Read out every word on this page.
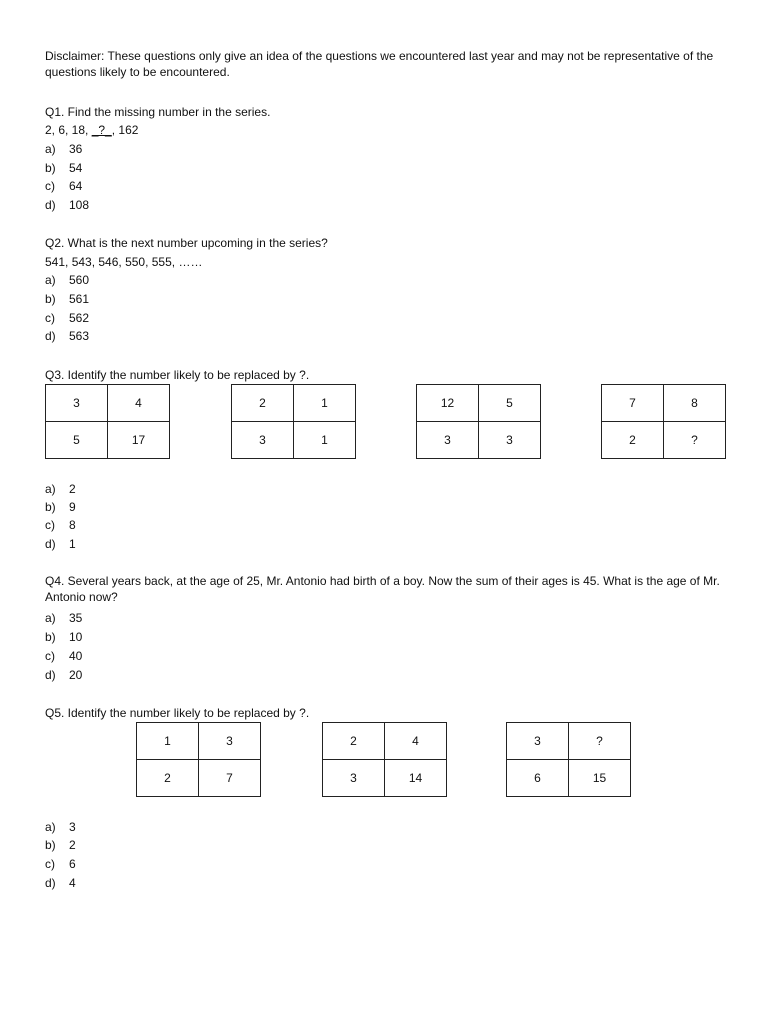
Disclaimer: These questions only give an idea of the questions we encountered last year and may not be representative of the questions likely to be encountered.
Q1. Find the missing number in the series.
2, 6, 18, _?_, 162
a) 36
b) 54
c) 64
d) 108
Q2. What is the next number upcoming in the series?
541, 543, 546, 550, 555, ……
a) 560
b) 561
c) 562
d) 563
Q3. Identify the number likely to be replaced by ?.
3	4
5	17
2	1
3	1
12	5
3	3
7	8
2	?
a) 2
b) 9
c) 8
d) 1
Q4. Several years back, at the age of 25, Mr. Antonio had birth of a boy. Now the sum of their ages is 45. What is the age of Mr. Antonio now?
a) 35
b) 10
c) 40
d) 20
Q5. Identify the number likely to be replaced by ?.
1	3
2	7
2	4
3	14
3	?
6	15
a) 3
b) 2
c) 6
d) 4
